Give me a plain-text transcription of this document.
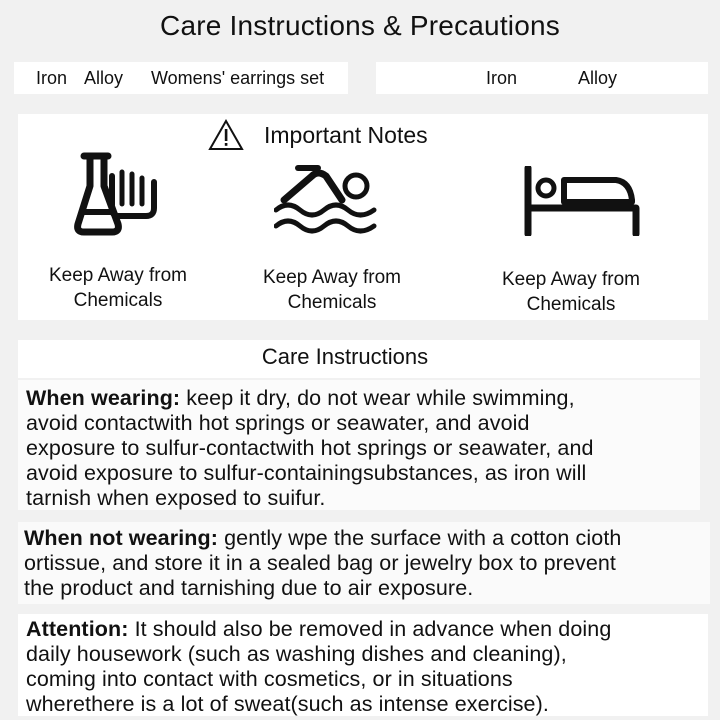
Care Instructions & Precautions
Iron Alloy Womens' earrings set	Iron	Alloy
Important Notes
Keep Away from
Chemicals
Keep Away from
Chemicals
Keep Away from
Chemicals
Care Instructions
When wearing: keep it dry, do not wear while swimming,
avoid contactwith hot springs or seawater, and avoid
exposure to sulfur-contactwith hot springs or seawater, and
avoid exposure to sulfur-containingsubstances, as iron will
tarnish when exposed to suifur.
When not wearing: gently wpe the surface with a cotton cioth
ortissue, and store it in a sealed bag or jewelry box to prevent
the product and tarnishing due to air exposure.
Attention: It should also be removed in advance when doing
daily housework (such as washing dishes and cleaning),
coming into contact with cosmetics, or in situations
wherethere is a lot of sweat(such as intense exercise).
